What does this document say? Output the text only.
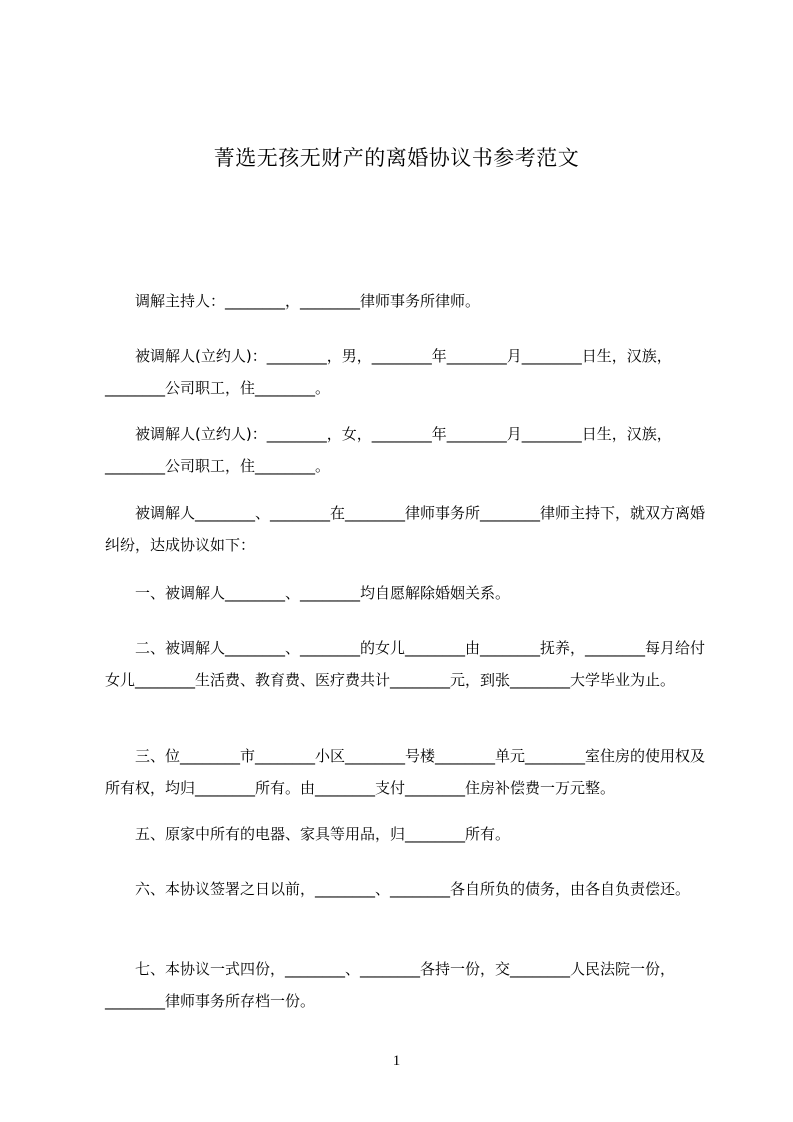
菁选无孩无财产的离婚协议书参考范文

　　调解主持人：________，________律师事务所律师。

　　被调解人(立约人)：________，男，________年________月________日生，汉族，________公司职工，住________。

　　被调解人(立约人)：________，女，________年________月________日生，汉族，________公司职工，住________。

　　被调解人________、________在________律师事务所________律师主持下，就双方离婚纠纷，达成协议如下：

　　一、被调解人________、________均自愿解除婚姻关系。

　　二、被调解人________、________的女儿________由________抚养，________每月给付女儿________生活费、教育费、医疗费共计________元，到张________大学毕业为止。

　　三、位________市________小区________号楼________单元________室住房的使用权及所有权，均归________所有。由________支付________住房补偿费一万元整。

　　五、原家中所有的电器、家具等用品，归________所有。

　　六、本协议签署之日以前，________、________各自所负的债务，由各自负责偿还。

　　七、本协议一式四份，________、________各持一份，交________人民法院一份，________律师事务所存档一份。

1
